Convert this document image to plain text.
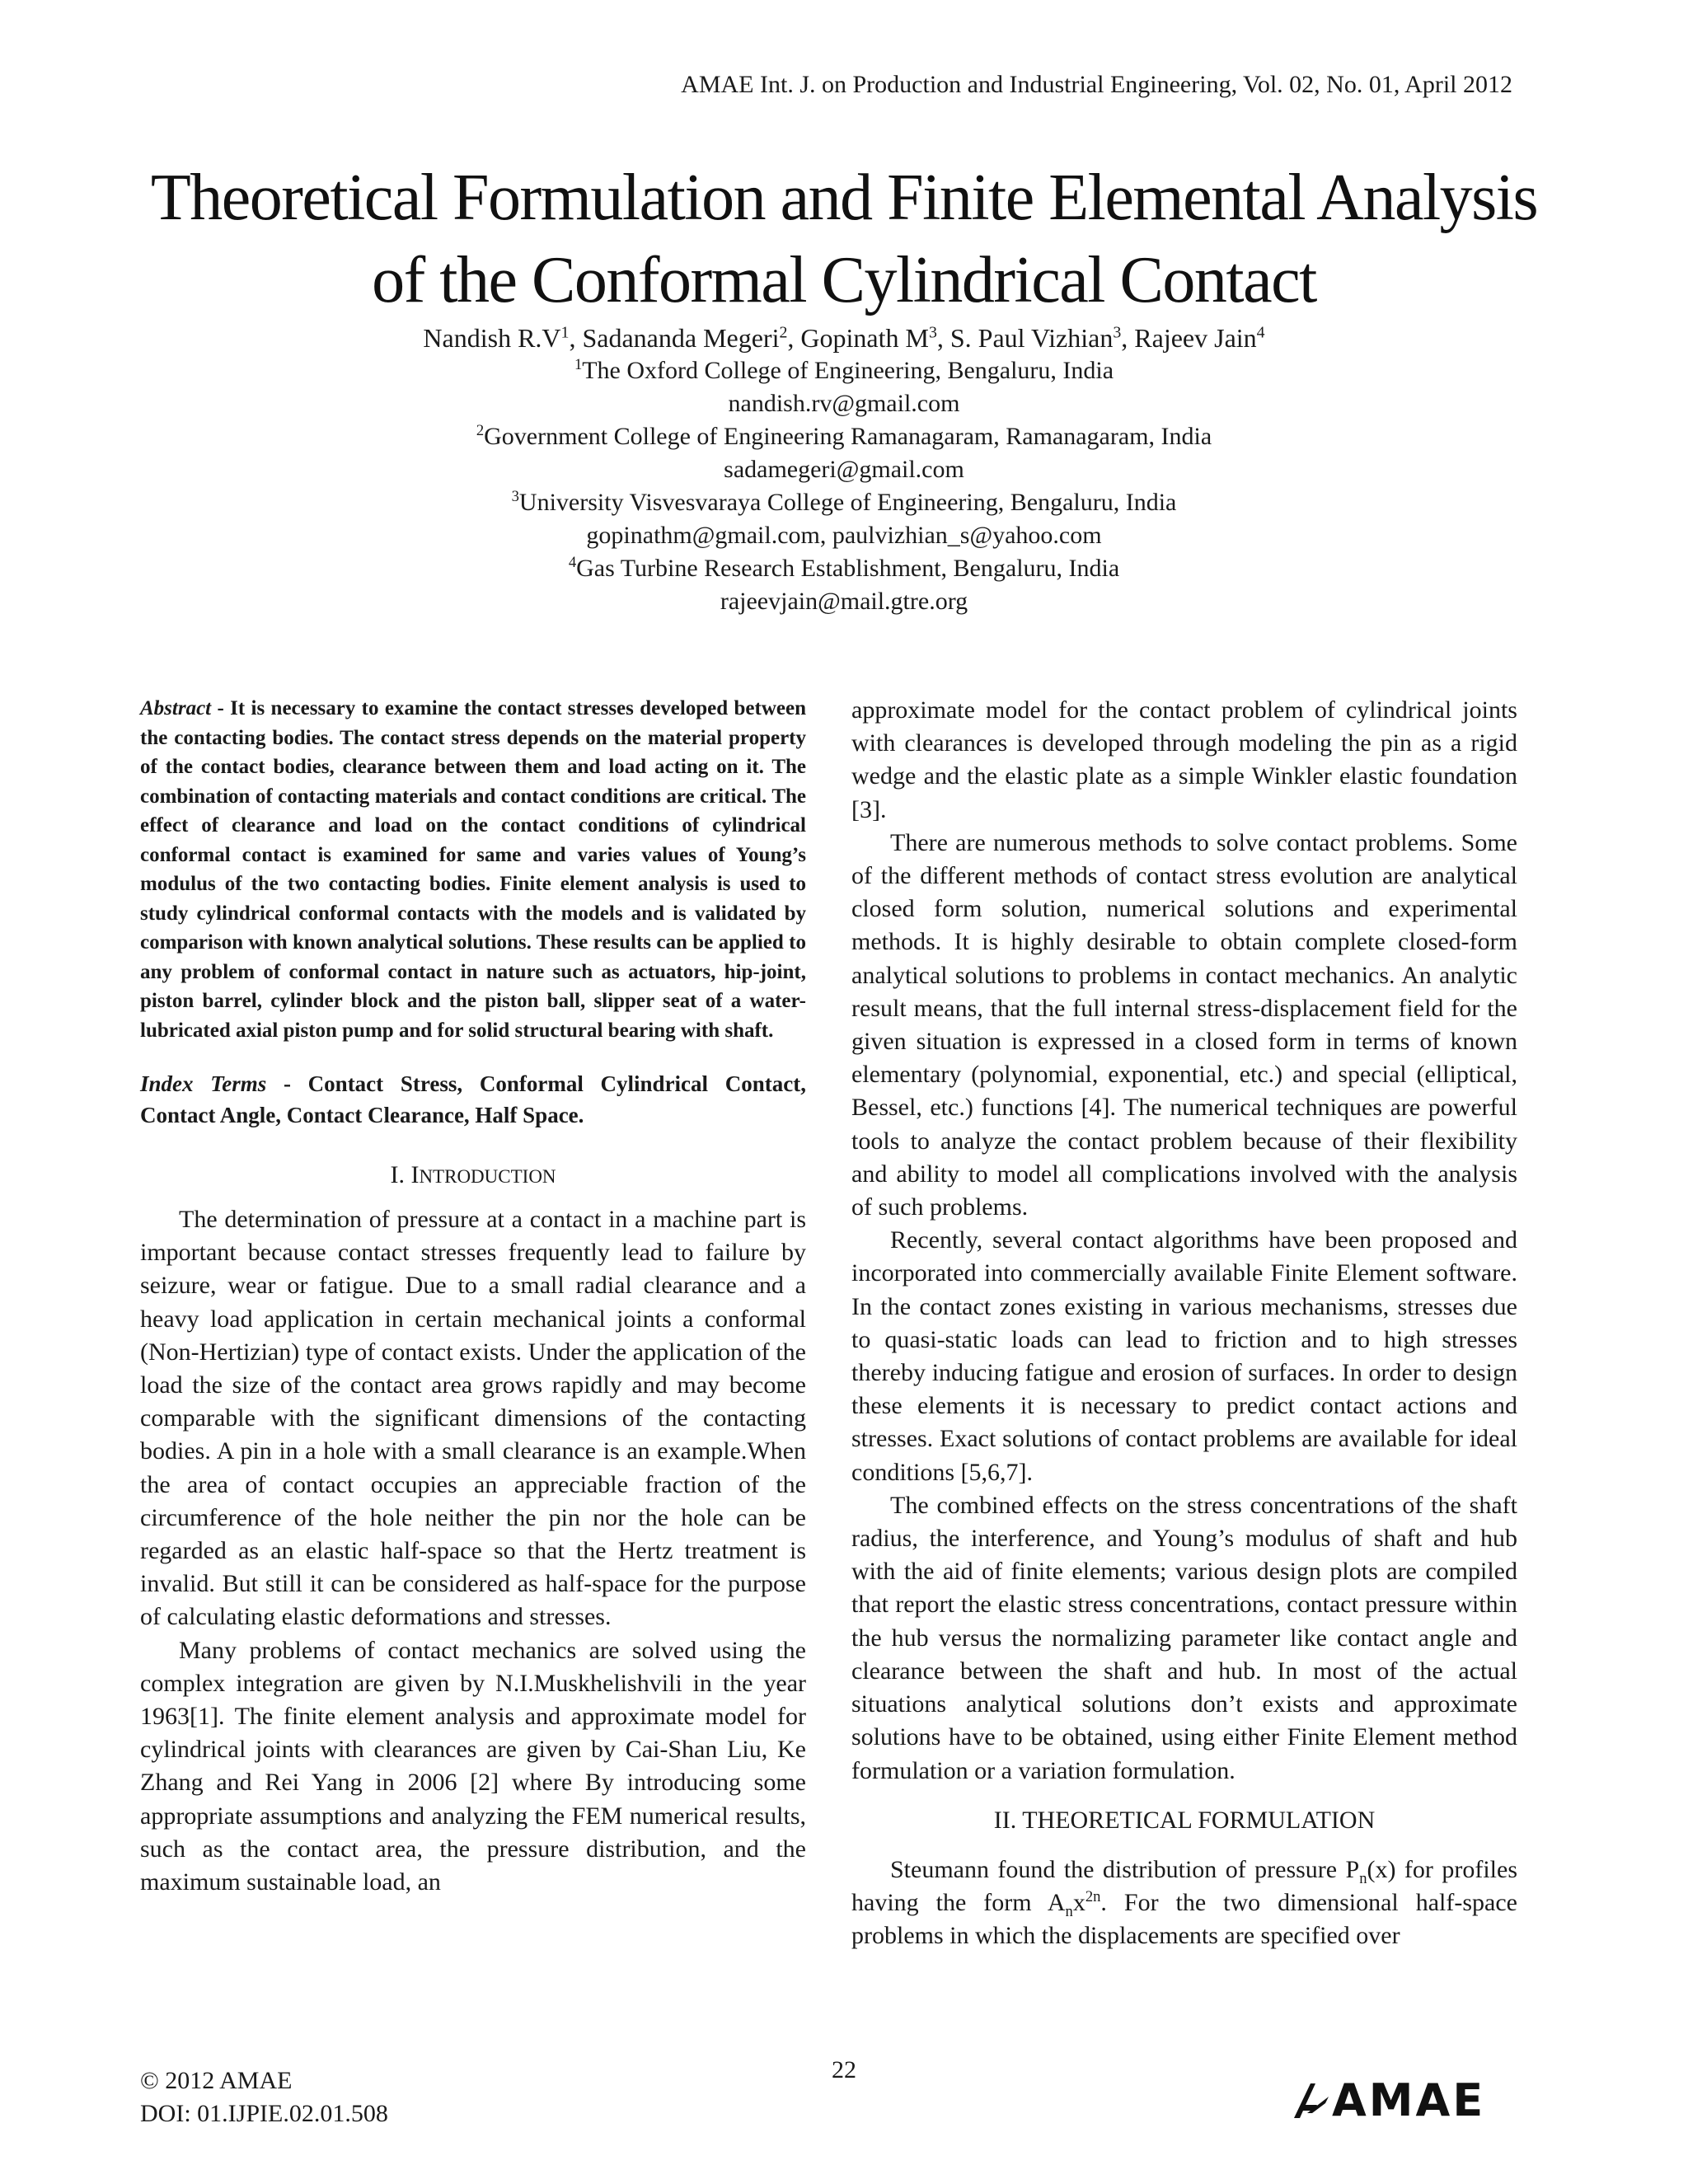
AMAE Int. J. on Production and Industrial Engineering, Vol. 02, No. 01, April 2012
Theoretical Formulation and Finite Elemental Analysis
of the Conformal Cylindrical Contact
Nandish $R.V^1$, Sadananda Megeri$^2$, Gopinath $M^3$, S. Paul Vizhian$^3$, Rajeev Jain$^4$
$^1$The Oxford College of Engineering, Bengaluru, India
nandish.rv@gmail.com
$^2$Government College of Engineering Ramanagaram, Ramanagaram, India
sadamegeri@gmail.com
$^3$University Visvesvaraya College of Engineering, Bengaluru, India
gopinathm@gmail.com, paulvizhian_s@yahoo.com
$^4$Gas Turbine Research Establishment, Bengaluru, India
rajeevjain@mail.gtre.org

Abstract - It is necessary to examine the contact stresses developed between the contacting bodies. The contact stress depends on the material property of the contact bodies, clearance between them and load acting on it. The combination of contacting materials and contact conditions are critical. The effect of clearance and load on the contact conditions of cylindrical conformal contact is examined for same and varies values of Young’s modulus of the two contacting bodies. Finite element analysis is used to study cylindrical conformal contacts with the models and is validated by comparison with known analytical solutions. These results can be applied to any problem of conformal contact in nature such as actuators, hip-joint, piston barrel, cylinder block and the piston ball, slipper seat of a water-lubricated axial piston pump and for solid structural bearing with shaft.

Index Terms - Contact Stress, Conformal Cylindrical Contact, Contact Angle, Contact Clearance, Half Space.

I. INTRODUCTION

The determination of pressure at a contact in a machine part is important because contact stresses frequently lead to failure by seizure, wear or fatigue. Due to a small radial clearance and a heavy load application in certain mechanical joints a conformal (Non-Hertizian) type of contact exists. Under the application of the load the size of the contact area grows rapidly and may become comparable with the significant dimensions of the contacting bodies. A pin in a hole with a small clearance is an example.When the area of contact occupies an appreciable fraction of the circumference of the hole neither the pin nor the hole can be regarded as an elastic half-space so that the Hertz treatment is invalid. But still it can be considered as half-space for the purpose of calculating elastic deformations and stresses.

Many problems of contact mechanics are solved using the complex integration are given by N.I.Muskhelishvili in the year 1963[1]. The finite element analysis and approximate model for cylindrical joints with clearances are given by Cai-Shan Liu, Ke Zhang and Rei Yang in 2006 [2] where By introducing some appropriate assumptions and analyzing the FEM numerical results, such as the contact area, the pressure distribution, and the maximum sustainable load, an

approximate model for the contact problem of cylindrical joints with clearances is developed through modeling the pin as a rigid wedge and the elastic plate as a simple Winkler elastic foundation [3].

There are numerous methods to solve contact problems. Some of the different methods of contact stress evolution are analytical closed form solution, numerical solutions and experimental methods. It is highly desirable to obtain complete closed-form analytical solutions to problems in contact mechanics. An analytic result means, that the full internal stress-displacement field for the given situation is expressed in a closed form in terms of known elementary (polynomial, exponential, etc.) and special (elliptical, Bessel, etc.) functions [4]. The numerical techniques are powerful tools to analyze the contact problem because of their flexibility and ability to model all complications involved with the analysis of such problems.

Recently, several contact algorithms have been proposed and incorporated into commercially available Finite Element software. In the contact zones existing in various mechanisms, stresses due to quasi-static loads can lead to friction and to high stresses thereby inducing fatigue and erosion of surfaces. In order to design these elements it is necessary to predict contact actions and stresses. Exact solutions of contact problems are available for ideal conditions [5,6,7].

The combined effects on the stress concentrations of the shaft radius, the interference, and Young’s modulus of shaft and hub with the aid of finite elements; various design plots are compiled that report the elastic stress concentrations, contact pressure within the hub versus the normalizing parameter like contact angle and clearance between the shaft and hub. In most of the actual situations analytical solutions don’t exists and approximate solutions have to be obtained, using either Finite Element method formulation or a variation formulation.

II. THEORETICAL FORMULATION

Steumann found the distribution of pressure $P_n(x)$ for profiles having the form $A_nx^{2n}$. For the two dimensional half-space problems in which the displacements are specified over

© 2012 AMAE
DOI: 01.IJPIE.02.01.508
22
AMAE
